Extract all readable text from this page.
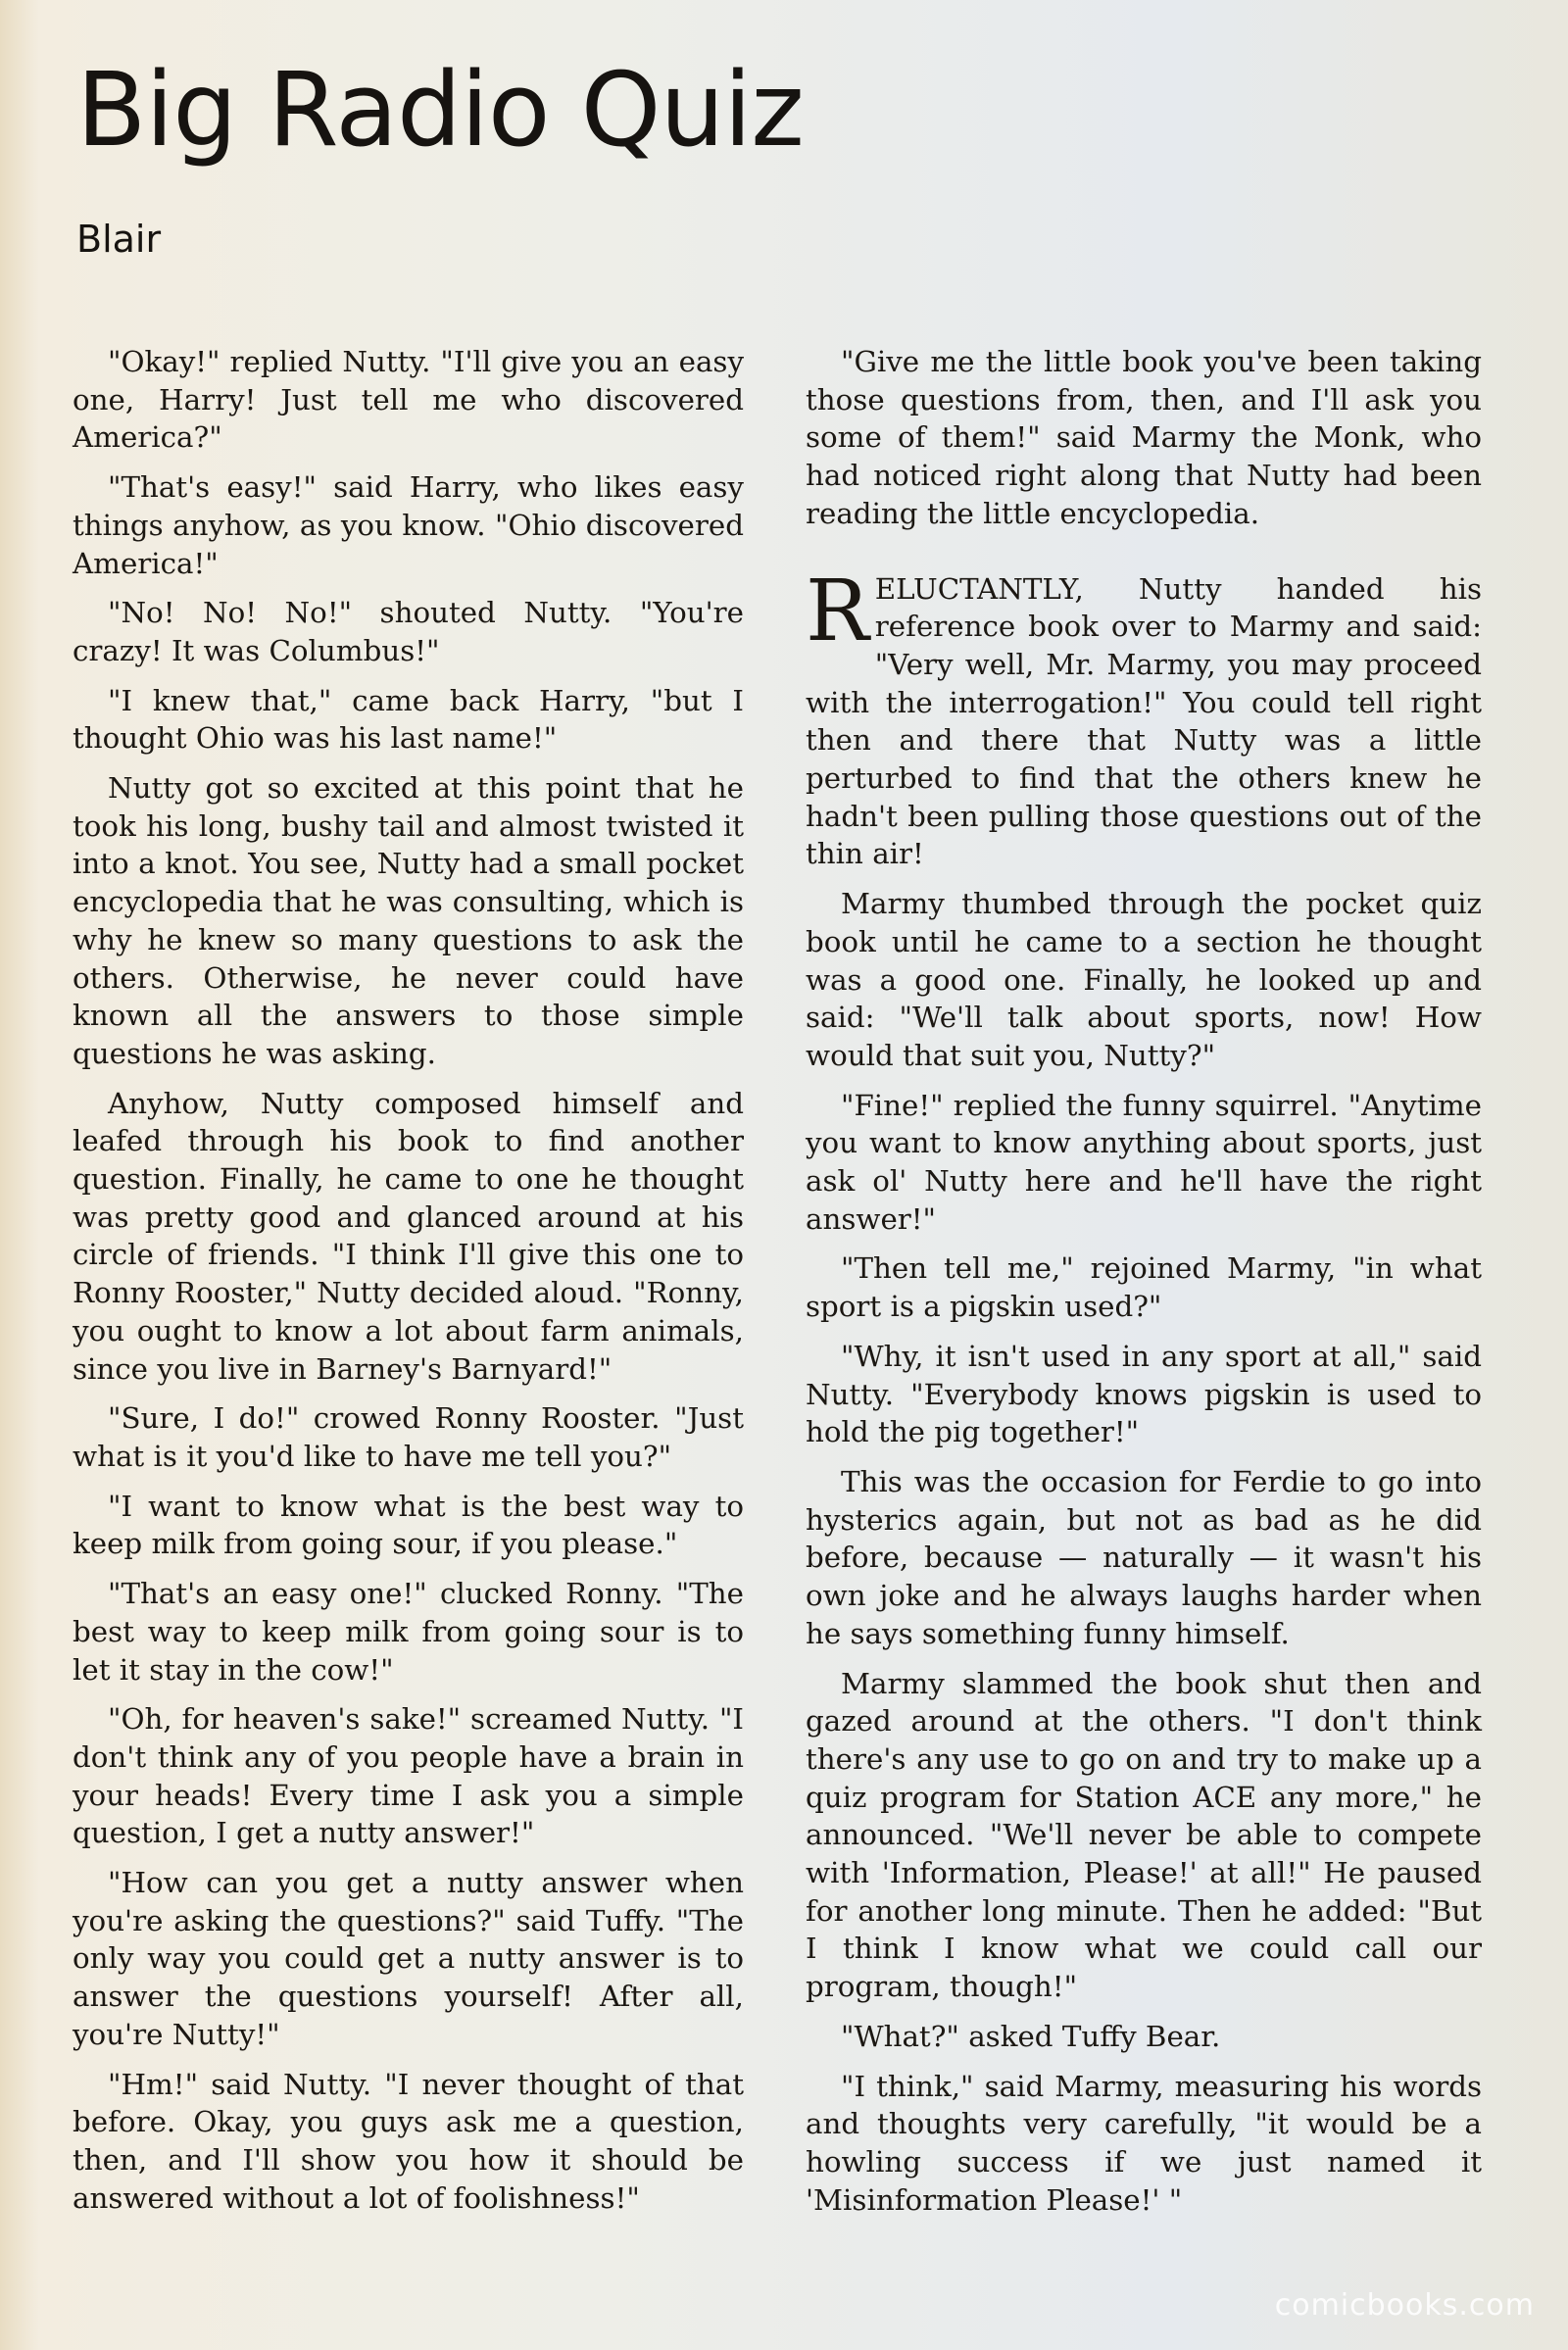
Big Radio Quiz
Blair

"Okay!" replied Nutty. "I'll give you an easy one, Harry! Just tell me who discovered America?"

"That's easy!" said Harry, who likes easy things anyhow, as you know. "Ohio discovered America!"

"No! No! No!" shouted Nutty. "You're crazy! It was Columbus!"

"I knew that," came back Harry, "but I thought Ohio was his last name!"

Nutty got so excited at this point that he took his long, bushy tail and almost twisted it into a knot. You see, Nutty had a small pocket encyclopedia that he was consulting, which is why he knew so many questions to ask the others. Otherwise, he never could have known all the answers to those simple questions he was asking.

Anyhow, Nutty composed himself and leafed through his book to find another question. Finally, he came to one he thought was pretty good and glanced around at his circle of friends. "I think I'll give this one to Ronny Rooster," Nutty decided aloud. "Ronny, you ought to know a lot about farm animals, since you live in Barney's Barnyard!"

"Sure, I do!" crowed Ronny Rooster. "Just what is it you'd like to have me tell you?"

"I want to know what is the best way to keep milk from going sour, if you please."

"That's an easy one!" clucked Ronny. "The best way to keep milk from going sour is to let it stay in the cow!"

"Oh, for heaven's sake!" screamed Nutty. "I don't think any of you people have a brain in your heads! Every time I ask you a simple question, I get a nutty answer!"

"How can you get a nutty answer when you're asking the questions?" said Tuffy. "The only way you could get a nutty answer is to answer the questions yourself! After all, you're Nutty!"

"Hm!" said Nutty. "I never thought of that before. Okay, you guys ask me a question, then, and I'll show you how it should be answered without a lot of foolishness!"

"Give me the little book you've been taking those questions from, then, and I'll ask you some of them!" said Marmy the Monk, who had noticed right along that Nutty had been reading the little encyclopedia.

RELUCTANTLY, Nutty handed his reference book over to Marmy and said: "Very well, Mr. Marmy, you may proceed with the interrogation!" You could tell right then and there that Nutty was a little perturbed to find that the others knew he hadn't been pulling those questions out of the thin air!

Marmy thumbed through the pocket quiz book until he came to a section he thought was a good one. Finally, he looked up and said: "We'll talk about sports, now! How would that suit you, Nutty?"

"Fine!" replied the funny squirrel. "Anytime you want to know anything about sports, just ask ol' Nutty here and he'll have the right answer!"

"Then tell me," rejoined Marmy, "in what sport is a pigskin used?"

"Why, it isn't used in any sport at all," said Nutty. "Everybody knows pigskin is used to hold the pig together!"

This was the occasion for Ferdie to go into hysterics again, but not as bad as he did before, because — naturally — it wasn't his own joke and he always laughs harder when he says something funny himself.

Marmy slammed the book shut then and gazed around at the others. "I don't think there's any use to go on and try to make up a quiz program for Station ACE any more," he announced. "We'll never be able to compete with 'Information, Please!' at all!" He paused for another long minute. Then he added: "But I think I know what we could call our program, though!"

"What?" asked Tuffy Bear.

"I think," said Marmy, measuring his words and thoughts very carefully, "it would be a howling success if we just named it 'Misinformation Please!' "

comicbooks.com
